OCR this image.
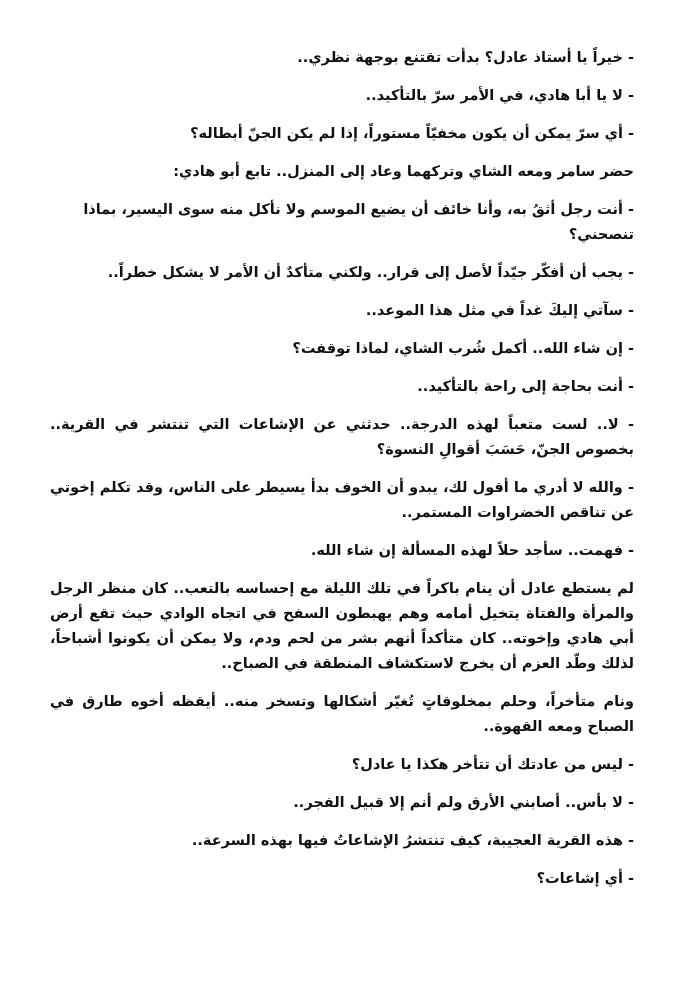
- خيراً يا أستاذ عادل؟ بدأت تقتنع بوجهة نظري..

- لا يا أبا هادي، في الأمر سرّ بالتأكيد..

- أي سرّ يمكن أن يكون مخفيّاً مستوراً، إذا لم يكن الجنّ أبطاله؟

حضر سامر ومعه الشاي وتركهما وعاد إلى المنزل.. تابع أبو هادي:

- أنت رجل أثقُ به، وأنا خائف أن يضيع الموسم ولا نأكل منه سوى اليسير، بماذا تنصحني؟

- يجب أن أفكّر جيّداً لأصل إلى قرار.. ولكني متأكدٌ أن الأمر لا يشكل خطراً..

- سآتي إليكَ غداً في مثل هذا الموعد..

- إن شاء الله.. أكمل شُرب الشاي، لماذا توقفت؟

- أنت بحاجة إلى راحة بالتأكيد..

- لا.. لست متعباً لهذه الدرجة.. حدثني عن الإشاعات التي تنتشر في القرية.. بخصوص الجنّ، حَسَبَ أقوالِ النسوة؟

- والله لا أدري ما أقول لك، يبدو أن الخوف بدأ يسيطر على الناس، وقد تكلم إخوتي عن تناقص الخضراوات المستمر..

- فهمت.. سأجد حلاً لهذه المسألة إن شاء الله.

لم يستطع عادل أن ينام باكراً في تلك الليلة مع إحساسه بالتعب.. كان منظر الرجل والمرأة والفتاة يتخيل أمامه وهم يهبطون السفح في اتجاه الوادي حيث تقع أرض أبي هادي وإخوته.. كان متأكداً أنهم بشر من لحم ودم، ولا يمكن أن يكونوا أشباحاً، لذلك وطّد العزم أن يخرج لاستكشاف المنطقة في الصباح..

ونام متأخراً، وحلم بمخلوقاتٍ تُغيّر أشكالها وتسخر منه.. أيقظه أخوه طارق في الصباح ومعه القهوة..

- ليس من عادتك أن تتأخر هكذا يا عادل؟

- لا بأس.. أصابني الأرق ولم أنم إلا قبيل الفجر..

- هذه القرية العجيبة، كيف تنتشرُ الإشاعاتُ فيها بهذه السرعة..

- أي إشاعات؟
